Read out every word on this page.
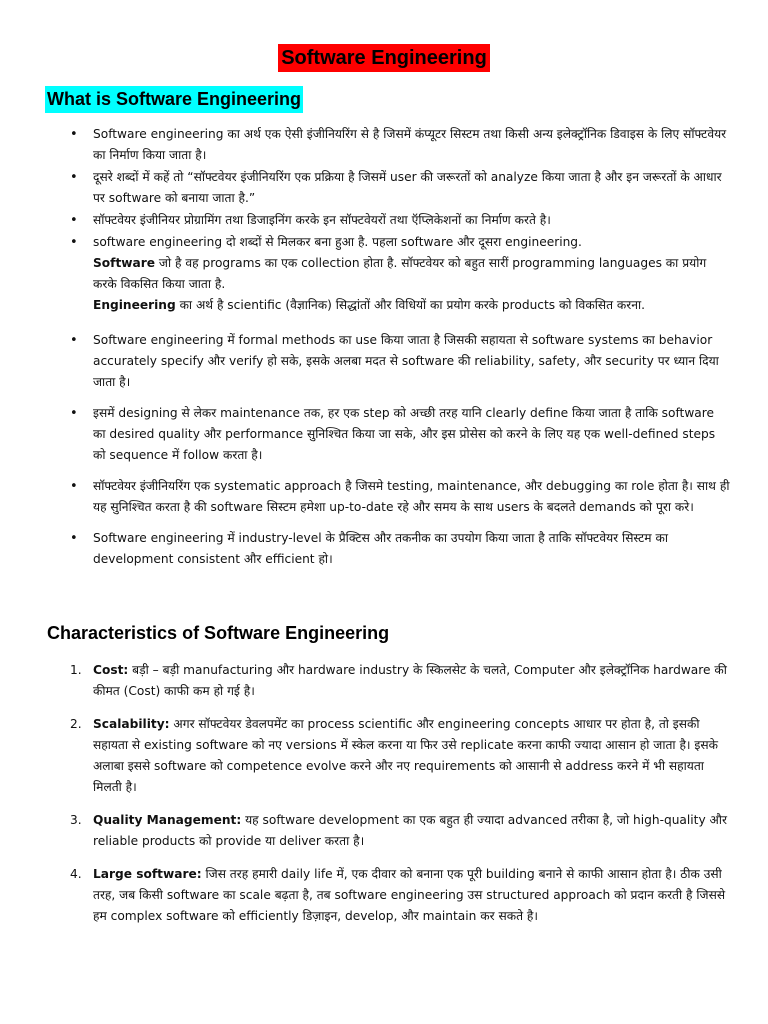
Software Engineering
What is Software Engineering
• Software engineering का अर्थ एक ऐसी इंजीनियरिंग से है जिसमें कंप्यूटर सिस्टम तथा किसी अन्य इलेक्ट्रॉनिक डिवाइस के लिए सॉफ्टवेयर का निर्माण किया जाता है।
• दूसरे शब्दों में कहें तो “सॉफ्टवेयर इंजीनियरिंग एक प्रक्रिया है जिसमें user की जरूरतों को analyze किया जाता है और इन जरूरतों के आधार पर software को बनाया जाता है.”
• सॉफ्टवेयर इंजीनियर प्रोग्रामिंग तथा डिजाइनिंग करके इन सॉफ्टवेयरों तथा ऍप्लिकेशनों का निर्माण करते है।

• software engineering दो शब्दों से मिलकर बना हुआ है. पहला software और दूसरा engineering.

Software जो है वह programs का एक collection होता है. सॉफ्टवेयर को बहुत सारीं programming languages का प्रयोग करके विकसित किया जाता है.

Engineering का अर्थ है scientific (वैज्ञानिक) सिद्धांतों और विधियों का प्रयोग करके products को विकसित करना.

• Software engineering में formal methods का use किया जाता है जिसकी सहायता से software systems का behavior accurately specify और verify हो सके, इसके अलबा मदत से software की reliability, safety, और security पर ध्यान दिया जाता है।
• इसमें designing से लेकर maintenance तक, हर एक step को अच्छी तरह यानि clearly define किया जाता है ताकि software का desired quality और performance सुनिश्चित किया जा सके, और इस प्रोसेस को करने के लिए यह एक well-defined steps को sequence में follow करता है।
• सॉफ्टवेयर इंजीनियरिंग एक systematic approach है जिसमे testing, maintenance, और debugging का role होता है। साथ ही यह सुनिश्चित करता है की software सिस्टम हमेशा up-to-date रहे और समय के साथ users के बदलते demands को पूरा करे।
• Software engineering में industry-level के प्रैक्टिस और तकनीक का उपयोग किया जाता है ताकि सॉफ्टवेयर सिस्टम का development consistent और efficient हो।
Characteristics of Software Engineering
1. Cost: बड़ी – बड़ी manufacturing और hardware industry के स्किलसेट के चलते, Computer और इलेक्ट्रॉनिक hardware की कीमत (Cost) काफी कम हो गई है।
2. Scalability: अगर सॉफ्टवेयर डेवलपमेंट का process scientific और engineering concepts आधार पर होता है, तो इसकी सहायता से existing software को नए versions में स्केल करना या फिर उसे replicate करना काफी ज्यादा आसान हो जाता है। इसके अलाबा इससे software को competence evolve करने और नए requirements को आसानी से address करने में भी सहायता मिलती है।
3. Quality Management: यह software development का एक बहुत ही ज्यादा advanced तरीका है, जो high-quality और reliable products को provide या deliver करता है।
4. Large software: जिस तरह हमारी daily life में, एक दीवार को बनाना एक पूरी building बनाने से काफी आसान होता है। ठीक उसी तरह, जब किसी software का scale बढ़ता है, तब software engineering उस structured approach को प्रदान करती है जिससे हम complex software को efficiently डिज़ाइन, develop, और maintain कर सकते है।
